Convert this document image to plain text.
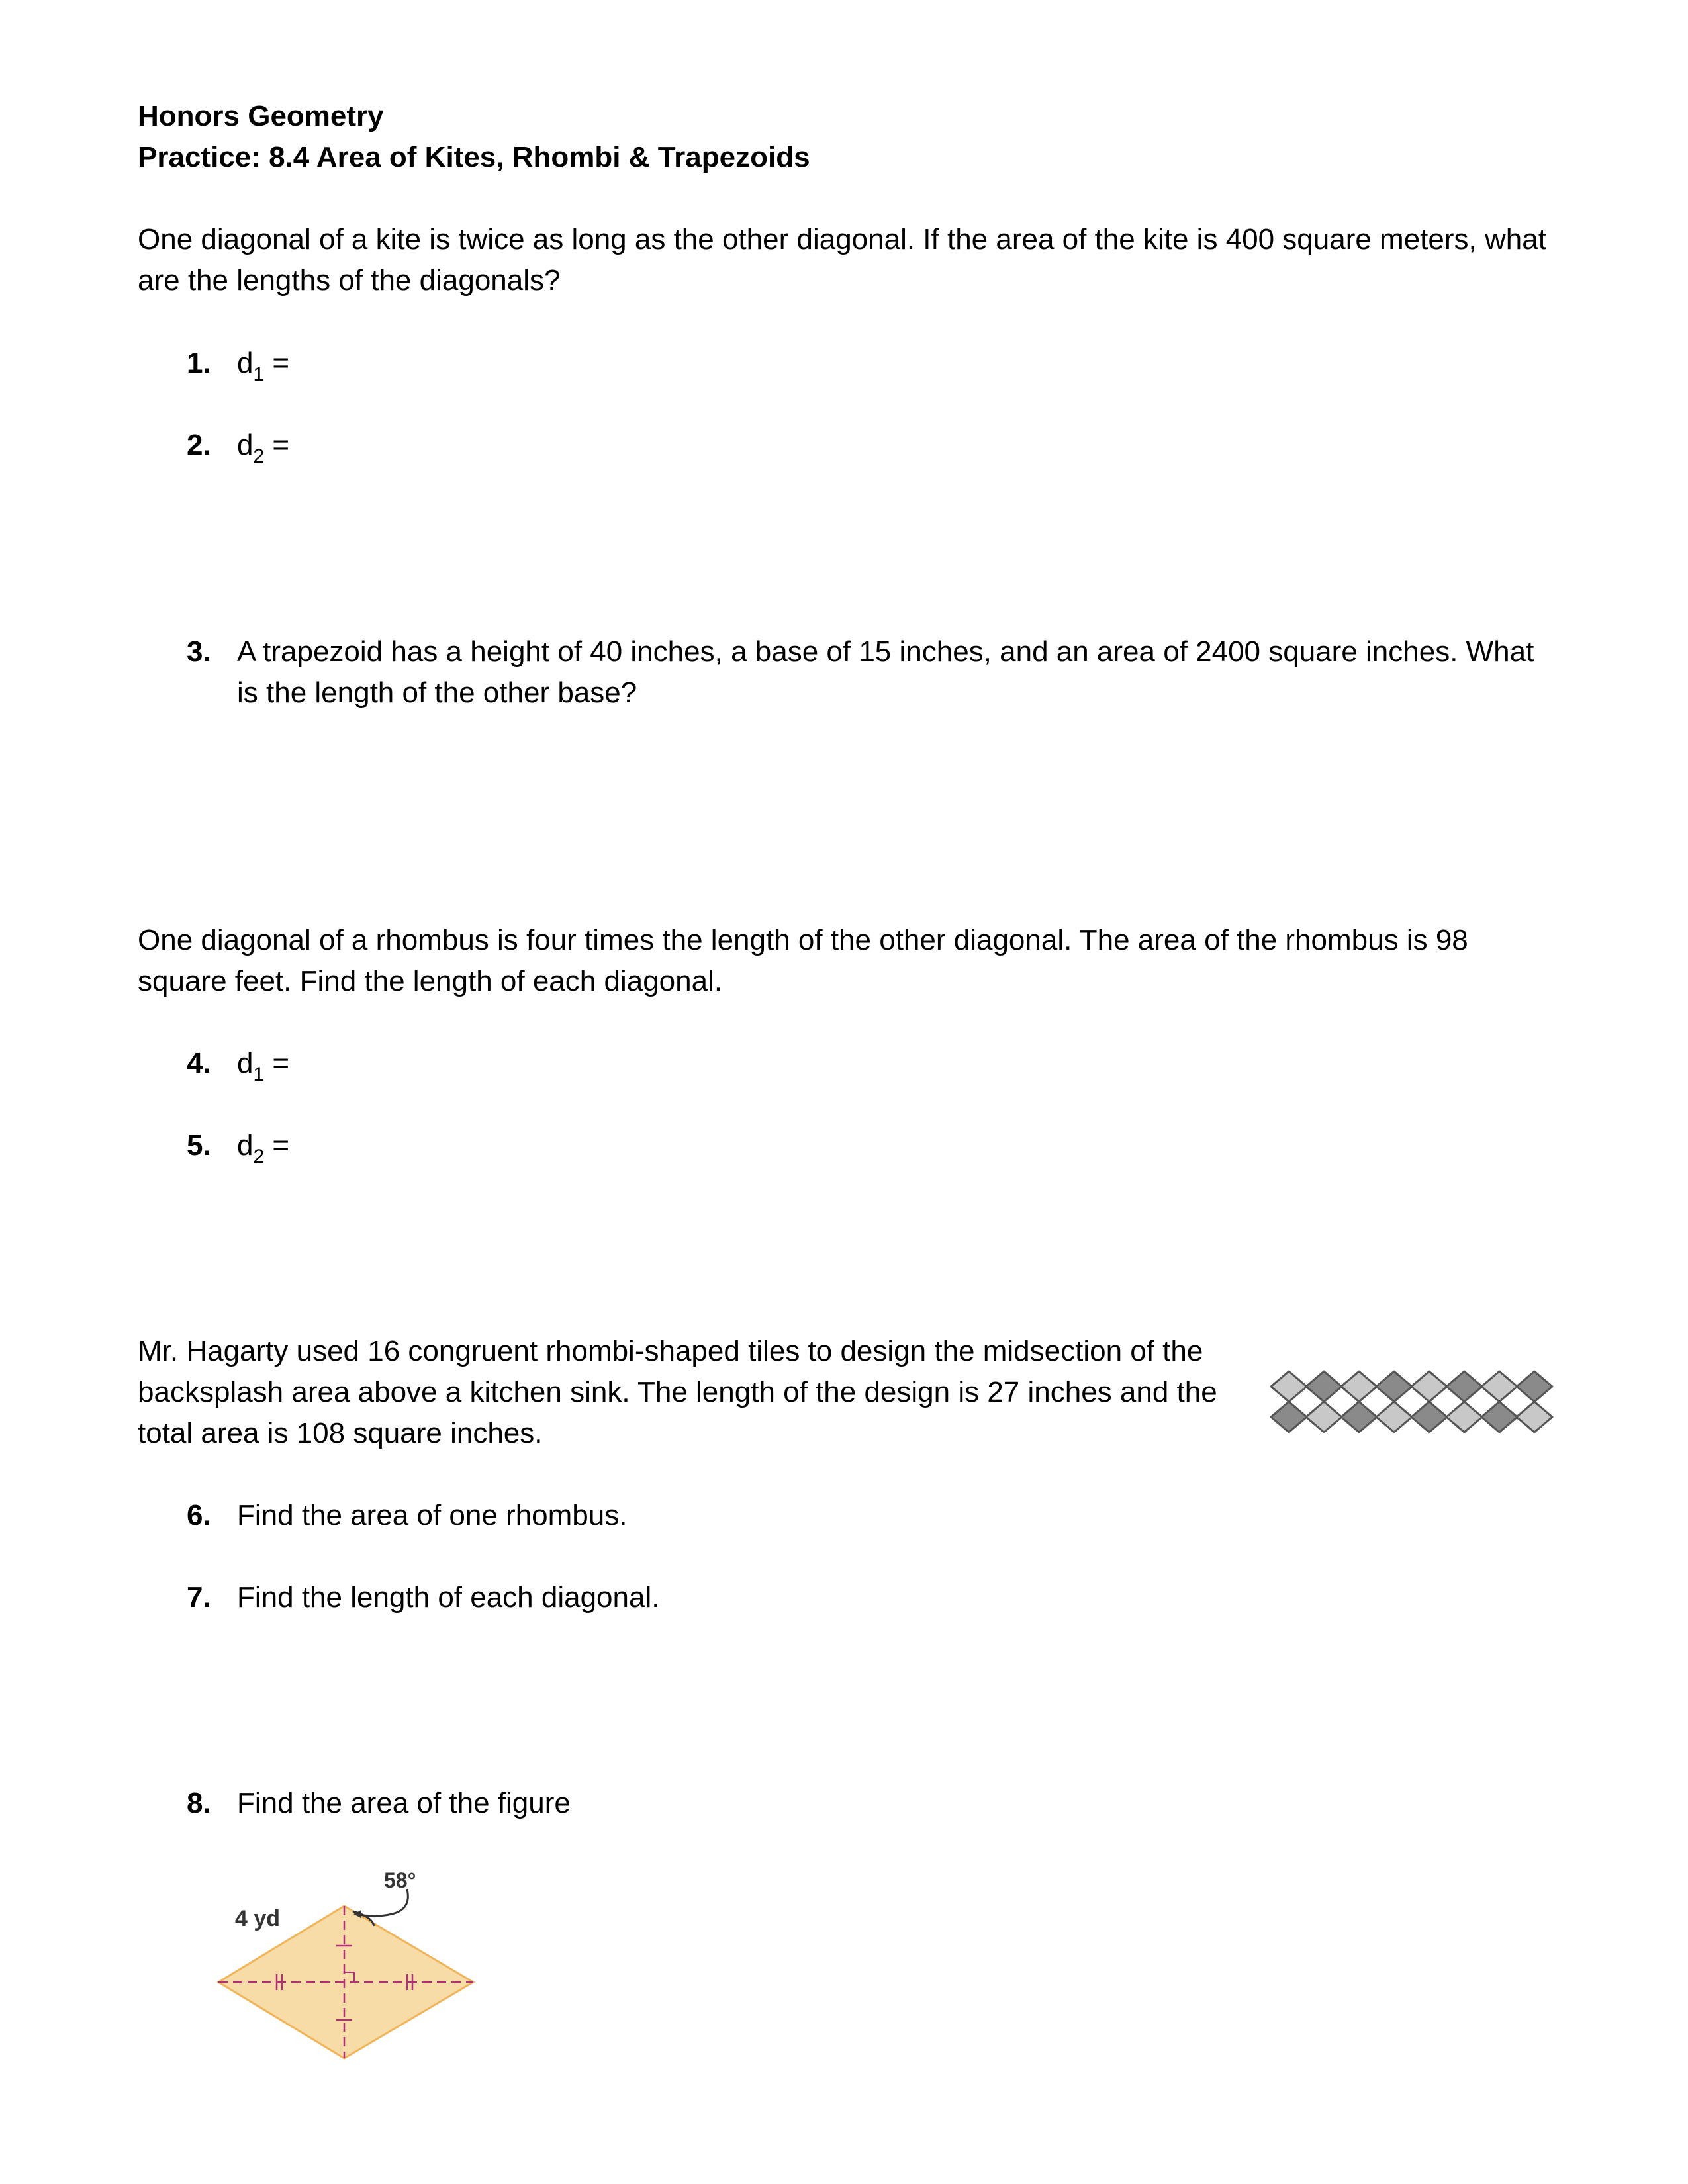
Honors Geometry
Practice: 8.4 Area of Kites, Rhombi & Trapezoids
One diagonal of a kite is twice as long as the other diagonal. If the area of the kite is 400 square meters, what are the lengths of the diagonals?
1. $d_1$ =
2. $d_2$ =
3. A trapezoid has a height of 40 inches, a base of 15 inches, and an area of 2400 square inches. What is the length of the other base?
One diagonal of a rhombus is four times the length of the other diagonal. The area of the rhombus is 98 square feet. Find the length of each diagonal.
4. $d_1$ =
5. $d_2$ =
Mr. Hagarty used 16 congruent rhombi-shaped tiles to design the midsection of the backsplash area above a kitchen sink. The length of the design is 27 inches and the total area is 108 square inches.
6. Find the area of one rhombus.
7. Find the length of each diagonal.
8. Find the area of the figure
58°
4 yd
